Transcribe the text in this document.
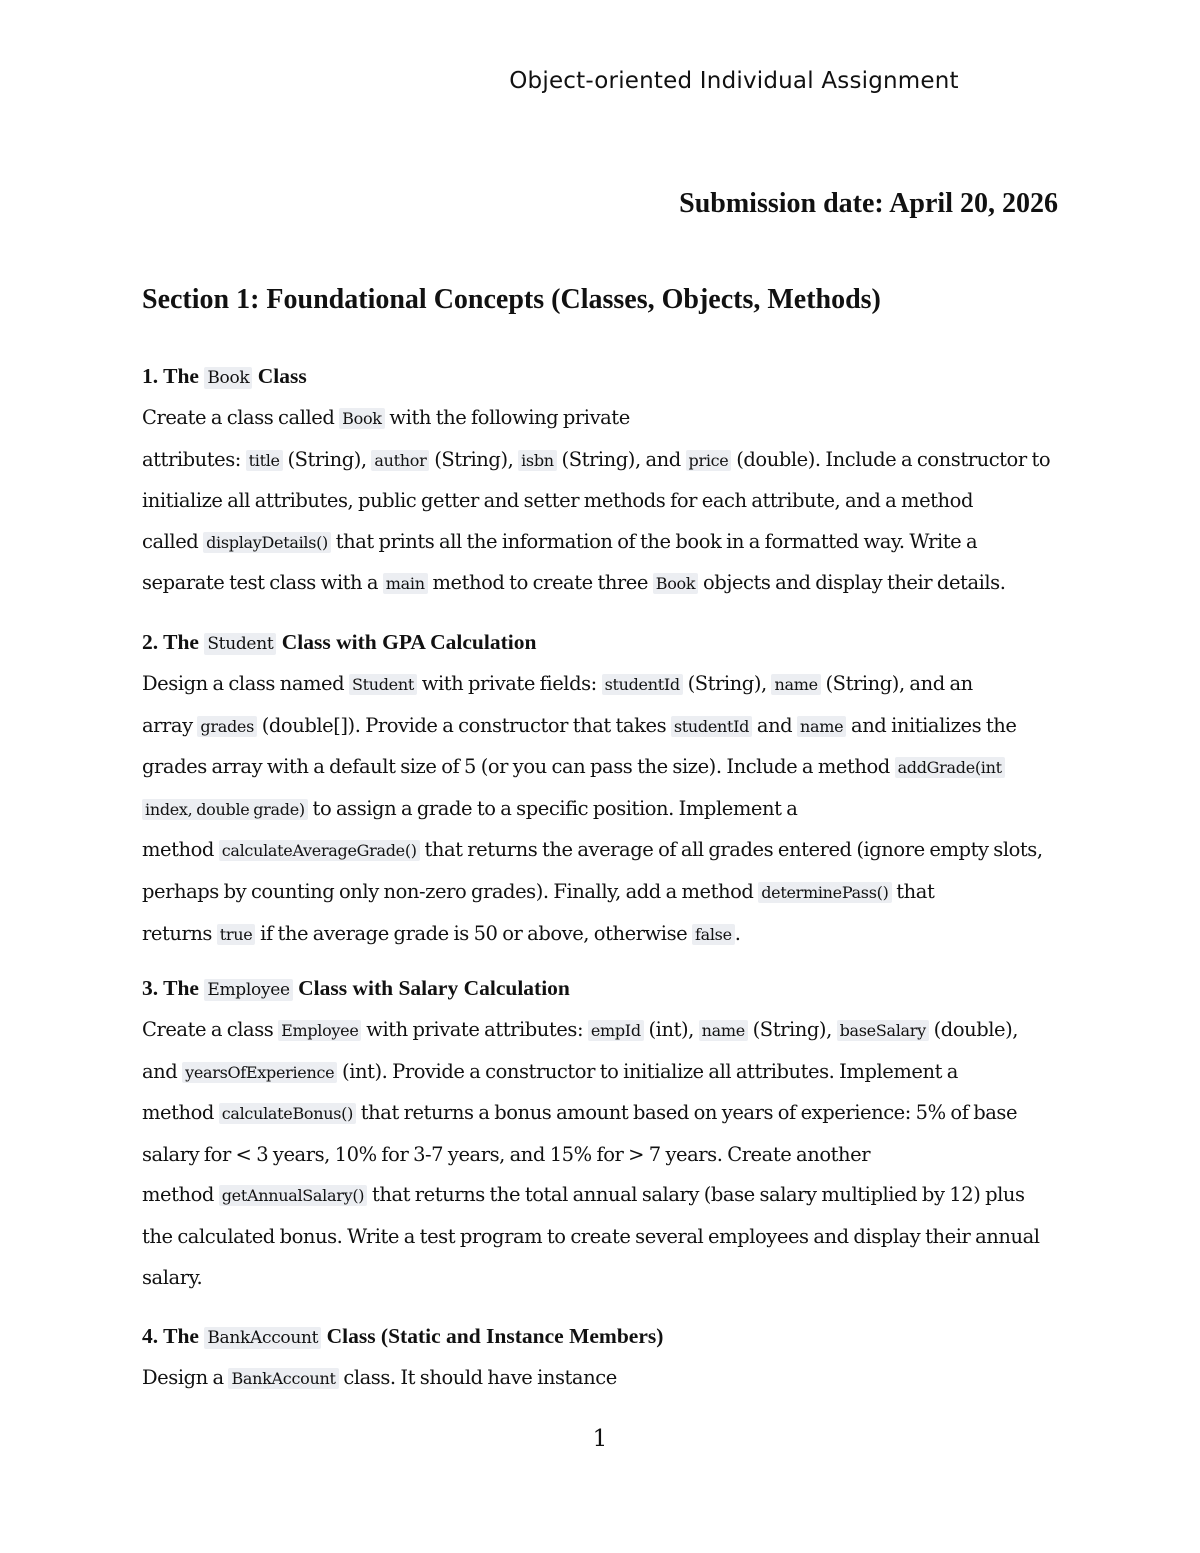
Object-oriented Individual Assignment
Submission date: April 20, 2026
Section 1: Foundational Concepts (Classes, Objects, Methods)
1. The Book Class
Create a class called Book with the following private
attributes: title (String), author (String), isbn (String), and price (double). Include a constructor to
initialize all attributes, public getter and setter methods for each attribute, and a method
called displayDetails() that prints all the information of the book in a formatted way. Write a
separate test class with a main method to create three Book objects and display their details.
2. The Student Class with GPA Calculation
Design a class named Student with private fields: studentId (String), name (String), and an
array grades (double[]). Provide a constructor that takes studentId and name and initializes the
grades array with a default size of 5 (or you can pass the size). Include a method addGrade(int
index, double grade) to assign a grade to a specific position. Implement a
method calculateAverageGrade() that returns the average of all grades entered (ignore empty slots,
perhaps by counting only non-zero grades). Finally, add a method determinePass() that
returns true if the average grade is 50 or above, otherwise false .
3. The Employee Class with Salary Calculation
Create a class Employee with private attributes: empId (int), name (String), baseSalary (double),
and yearsOfExperience (int). Provide a constructor to initialize all attributes. Implement a
method calculateBonus() that returns a bonus amount based on years of experience: 5% of base
salary for < 3 years, 10% for 3-7 years, and 15% for > 7 years. Create another
method getAnnualSalary() that returns the total annual salary (base salary multiplied by 12) plus
the calculated bonus. Write a test program to create several employees and display their annual
salary.
4. The BankAccount Class (Static and Instance Members)
Design a BankAccount class. It should have instance
1
